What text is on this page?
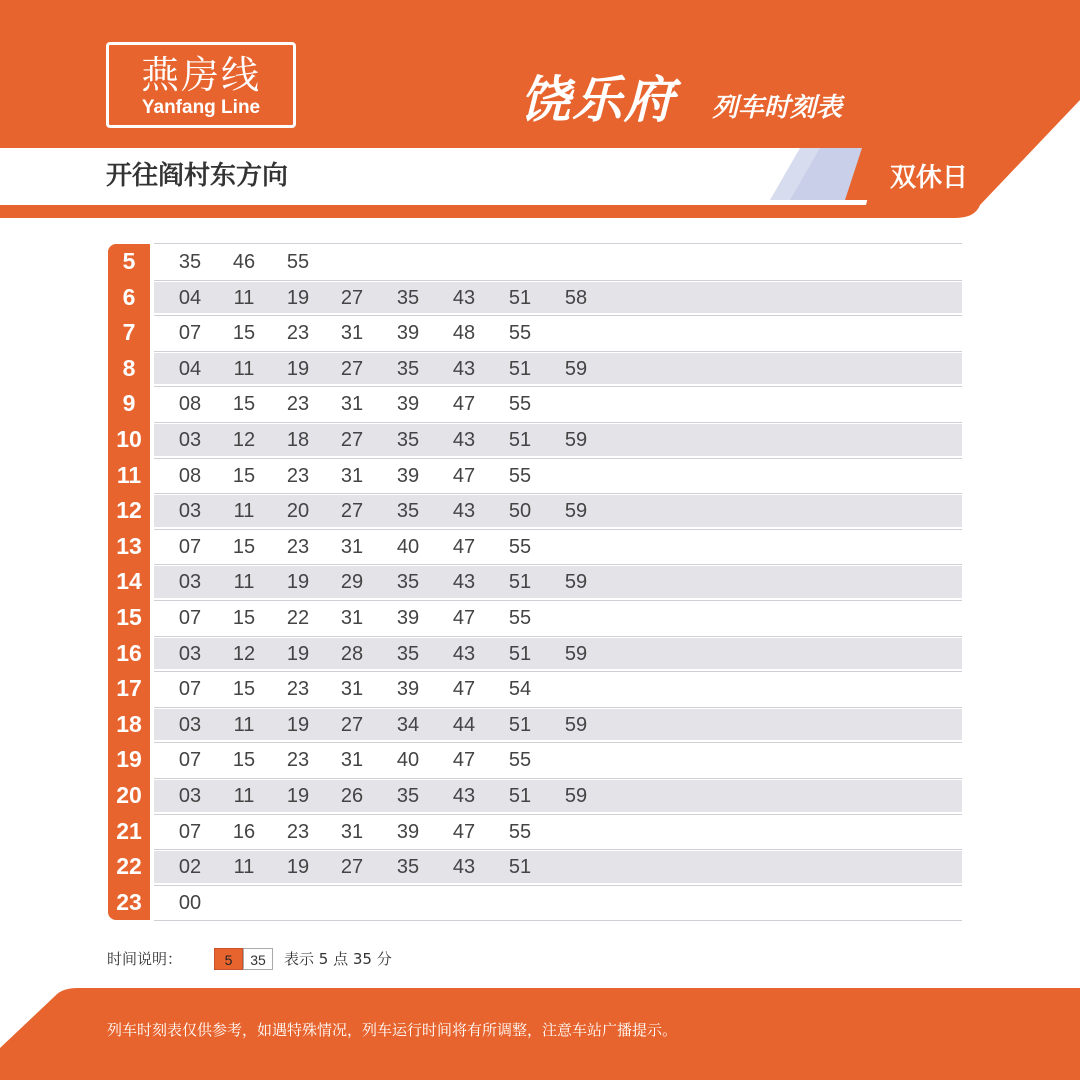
燕房线
Yanfang Line	饶乐府 列车时刻表
开往阎村东方向	双休日
5	35	46	55
6	04	11	19	27	35	43	51	58
7	07	15	23	31	39	48	55
8	04	11	19	27	35	43	51	59
9	08	15	23	31	39	47	55
10	03	12	18	27	35	43	51	59
11	08	15	23	31	39	47	55
12	03	11	20	27	35	43	50	59
13	07	15	23	31	40	47	55
14	03	11	19	29	35	43	51	59
15	07	15	22	31	39	47	55
16	03	12	19	28	35	43	51	59
17	07	15	23	31	39	47	54
18	03	11	19	27	34	44	51	59
19	07	15	23	31	40	47	55
20	03	11	19	26	35	43	51	59
21	07	16	23	31	39	47	55
22	02	11	19	27	35	43	51
23	00
时间说明：	5	35	表示 5 点 35 分
列车时刻表仅供参考，如遇特殊情况，列车运行时间将有所调整，注意车站广播提示。
